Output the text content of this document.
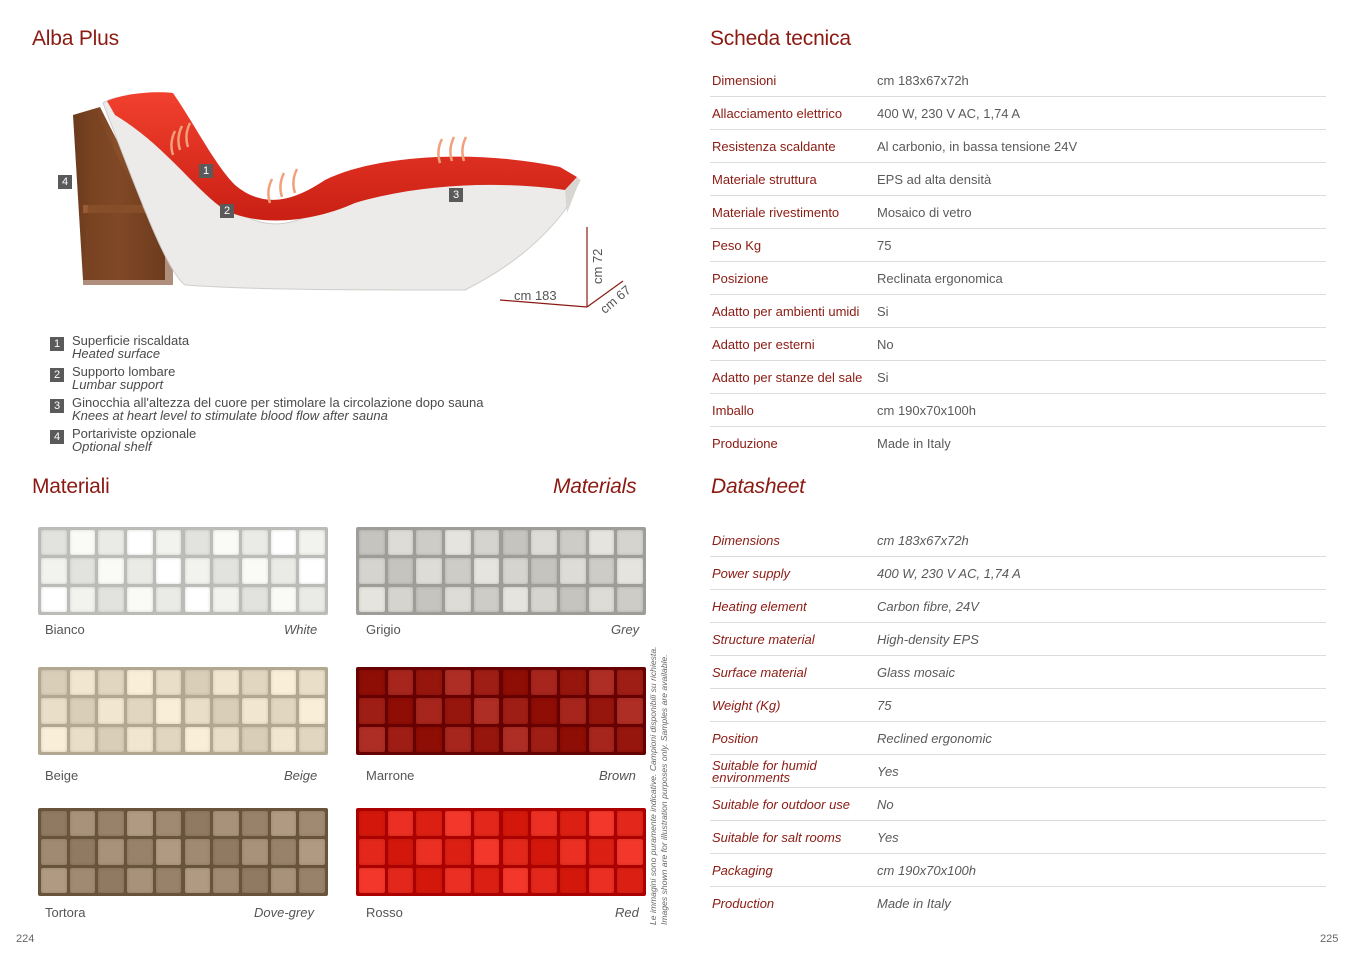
Alba Plus
1
2
3
4
cm 183
cm 72
cm 67
1 Superficie riscaldata
Heated surface
2 Supporto lombare
Lumbar support
3 Ginocchia all'altezza del cuore per stimolare la circolazione dopo sauna
Knees at heart level to stimulate blood flow after sauna
4 Portariviste opzionale
Optional shelf
Materiali	Materials
Bianco	White	Grigio	Grey
Beige	Beige	Marrone	Brown
Tortora	Dove-grey	Rosso	Red Le immagini sono puramente indicative. Campioni disponibili su richiesta. Images shown are for illustration purposes only. Samples are available.
224
Scheda tecnica
Dimensioni	cm 183x67x72h
Allacciamento elettrico	400 W, 230 V AC, 1,74 A
Resistenza scaldante	Al carbonio, in bassa tensione 24V
Materiale struttura	EPS ad alta densità
Materiale rivestimento	Mosaico di vetro
Peso Kg	75
Posizione	Reclinata ergonomica
Adatto per ambienti umidi	Si
Adatto per esterni	No
Adatto per stanze del sale	Si
Imballo	cm 190x70x100h
Produzione	Made in Italy
Datasheet
Dimensions	cm 183x67x72h
Power supply	400 W, 230 V AC, 1,74 A
Heating element	Carbon fibre, 24V
Structure material	High-density EPS
Surface material	Glass mosaic
Weight (Kg)	75
Position	Reclined ergonomic
Suitable for humid environments	Yes
Suitable for outdoor use	No
Suitable for salt rooms	Yes
Packaging	cm 190x70x100h
Production	Made in Italy
225
